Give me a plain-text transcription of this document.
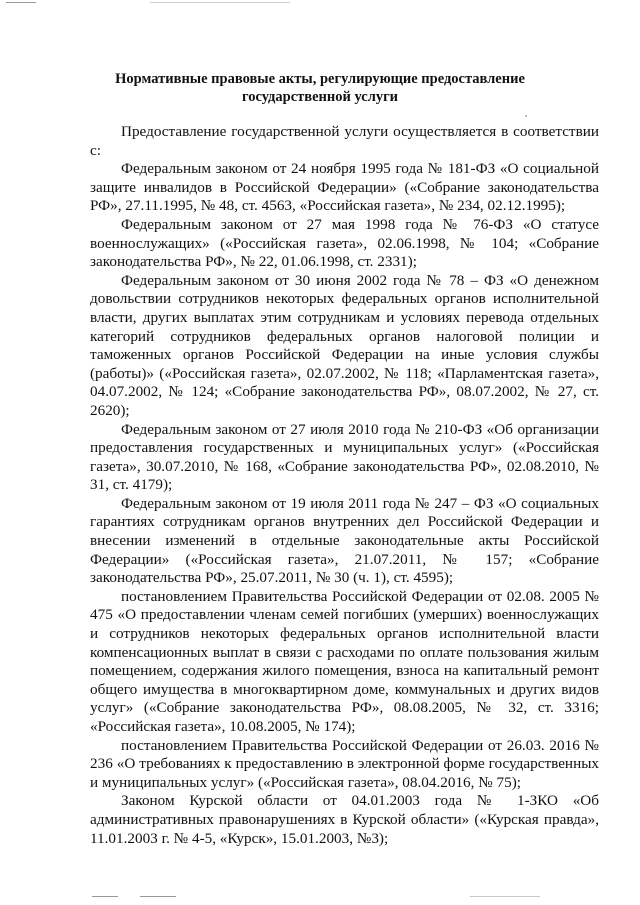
Нормативные правовые акты, регулирующие предоставление
государственной услуги

Предоставление государственной услуги осуществляется в соответствии с:

Федеральным законом от 24 ноября 1995 года № 181-ФЗ «О социальной защите инвалидов в Российской Федерации» («Собрание законодательства РФ», 27.11.1995, № 48, ст. 4563, «Российская газета», № 234, 02.12.1995);

Федеральным законом от 27 мая 1998 года № 76-ФЗ «О статусе военнослужащих» («Российская газета», 02.06.1998, № 104; «Собрание законодательства РФ», № 22, 01.06.1998, ст. 2331);

Федеральным законом от 30 июня 2002 года № 78 – ФЗ «О денежном довольствии сотрудников некоторых федеральных органов исполнительной власти, других выплатах этим сотрудникам и условиях перевода отдельных категорий сотрудников федеральных органов налоговой полиции и таможенных органов Российской Федерации на иные условия службы (работы)» («Российская газета», 02.07.2002, № 118; «Парламентская газета», 04.07.2002, № 124; «Собрание законодательства РФ», 08.07.2002, № 27, ст. 2620);

Федеральным законом от 27 июля 2010 года № 210-ФЗ «Об организации предоставления государственных и муниципальных услуг» («Российская газета», 30.07.2010, № 168, «Собрание законодательства РФ», 02.08.2010, № 31, ст. 4179);

Федеральным законом от 19 июля 2011 года № 247 – ФЗ «О социальных гарантиях сотрудникам органов внутренних дел Российской Федерации и внесении изменений в отдельные законодательные акты Российской Федерации» («Российская газета», 21.07.2011, № 157; «Собрание законодательства РФ», 25.07.2011, № 30 (ч. 1), ст. 4595);

постановлением Правительства Российской Федерации от 02.08. 2005 № 475 «О предоставлении членам семей погибших (умерших) военнослужащих и сотрудников некоторых федеральных органов исполнительной власти компенсационных выплат в связи с расходами по оплате пользования жилым помещением, содержания жилого помещения, взноса на капитальный ремонт общего имущества в многоквартирном доме, коммунальных и других видов услуг» («Собрание законодательства РФ», 08.08.2005, № 32, ст. 3316; «Российская газета», 10.08.2005, № 174);

постановлением Правительства Российской Федерации от 26.03. 2016 № 236 «О требованиях к предоставлению в электронной форме государственных и муниципальных услуг» («Российская газета», 08.04.2016, № 75);

Законом Курской области от 04.01.2003 года № 1-ЗКО «Об административных правонарушениях в Курской области» («Курская правда», 11.01.2003 г. № 4-5, «Курск», 15.01.2003, №3);
